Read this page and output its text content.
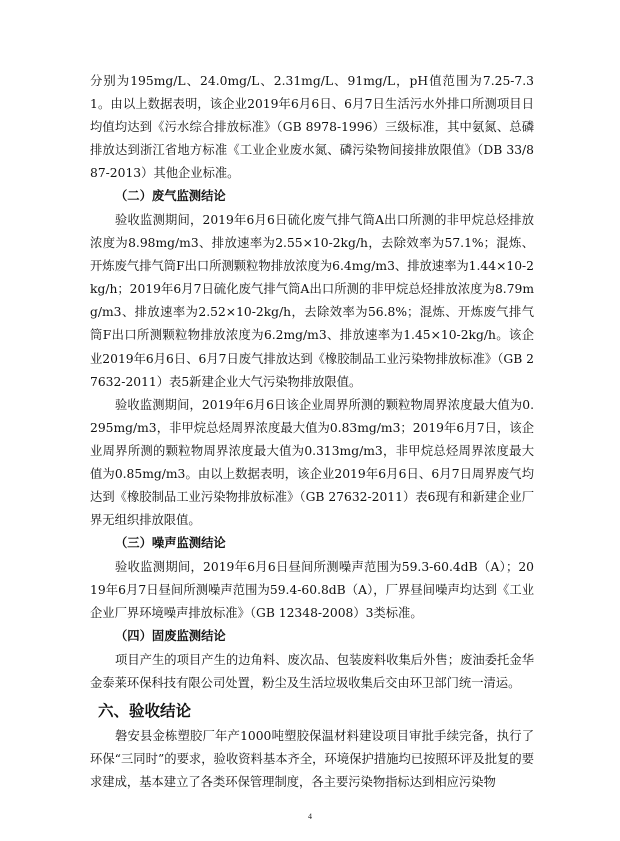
分别为195mg/L、24.0mg/L、2.31mg/L、91mg/L，pH值范围为7.25-7.31。由以上数据表明，该企业2019年6月6日、6月7日生活污水外排口所测项目日均值均达到《污水综合排放标准》（GB 8978-1996）三级标准，其中氨氮、总磷排放达到浙江省地方标准《工业企业废水氮、磷污染物间接排放限值》（DB 33/887-2013）其他企业标准。

（二）废气监测结论

验收监测期间，2019年6月6日硫化废气排气筒A出口所测的非甲烷总烃排放浓度为8.98mg/m3、排放速率为2.55×10-2kg/h，去除效率为57.1%；混炼、开炼废气排气筒F出口所测颗粒物排放浓度为6.4mg/m3、排放速率为1.44×10-2kg/h；2019年6月7日硫化废气排气筒A出口所测的非甲烷总烃排放浓度为8.79mg/m3、排放速率为2.52×10-2kg/h，去除效率为56.8%；混炼、开炼废气排气筒F出口所测颗粒物排放浓度为6.2mg/m3、排放速率为1.45×10-2kg/h。该企业2019年6月6日、6月7日废气排放达到《橡胶制品工业污染物排放标准》（GB 27632-2011）表5新建企业大气污染物排放限值。

验收监测期间，2019年6月6日该企业周界所测的颗粒物周界浓度最大值为0.295mg/m3，非甲烷总烃周界浓度最大值为0.83mg/m3；2019年6月7日，该企业周界所测的颗粒物周界浓度最大值为0.313mg/m3，非甲烷总烃周界浓度最大值为0.85mg/m3。由以上数据表明，该企业2019年6月6日、6月7日周界废气均达到《橡胶制品工业污染物排放标准》（GB 27632-2011）表6现有和新建企业厂界无组织排放限值。

（三）噪声监测结论

验收监测期间，2019年6月6日昼间所测噪声范围为59.3-60.4dB（A）；2019年6月7日昼间所测噪声范围为59.4-60.8dB（A），厂界昼间噪声均达到《工业企业厂界环境噪声排放标准》（GB 12348-2008）3类标准。

（四）固废监测结论

项目产生的项目产生的边角料、废次品、包装废料收集后外售；废油委托金华金泰莱环保科技有限公司处置，粉尘及生活垃圾收集后交由环卫部门统一清运。

六、验收结论

磐安县金栋塑胶厂年产1000吨塑胶保温材料建设项目审批手续完备，执行了环保“三同时”的要求，验收资料基本齐全，环境保护措施均已按照环评及批复的要求建成，基本建立了各类环保管理制度，各主要污染物指标达到相应污染物

4
